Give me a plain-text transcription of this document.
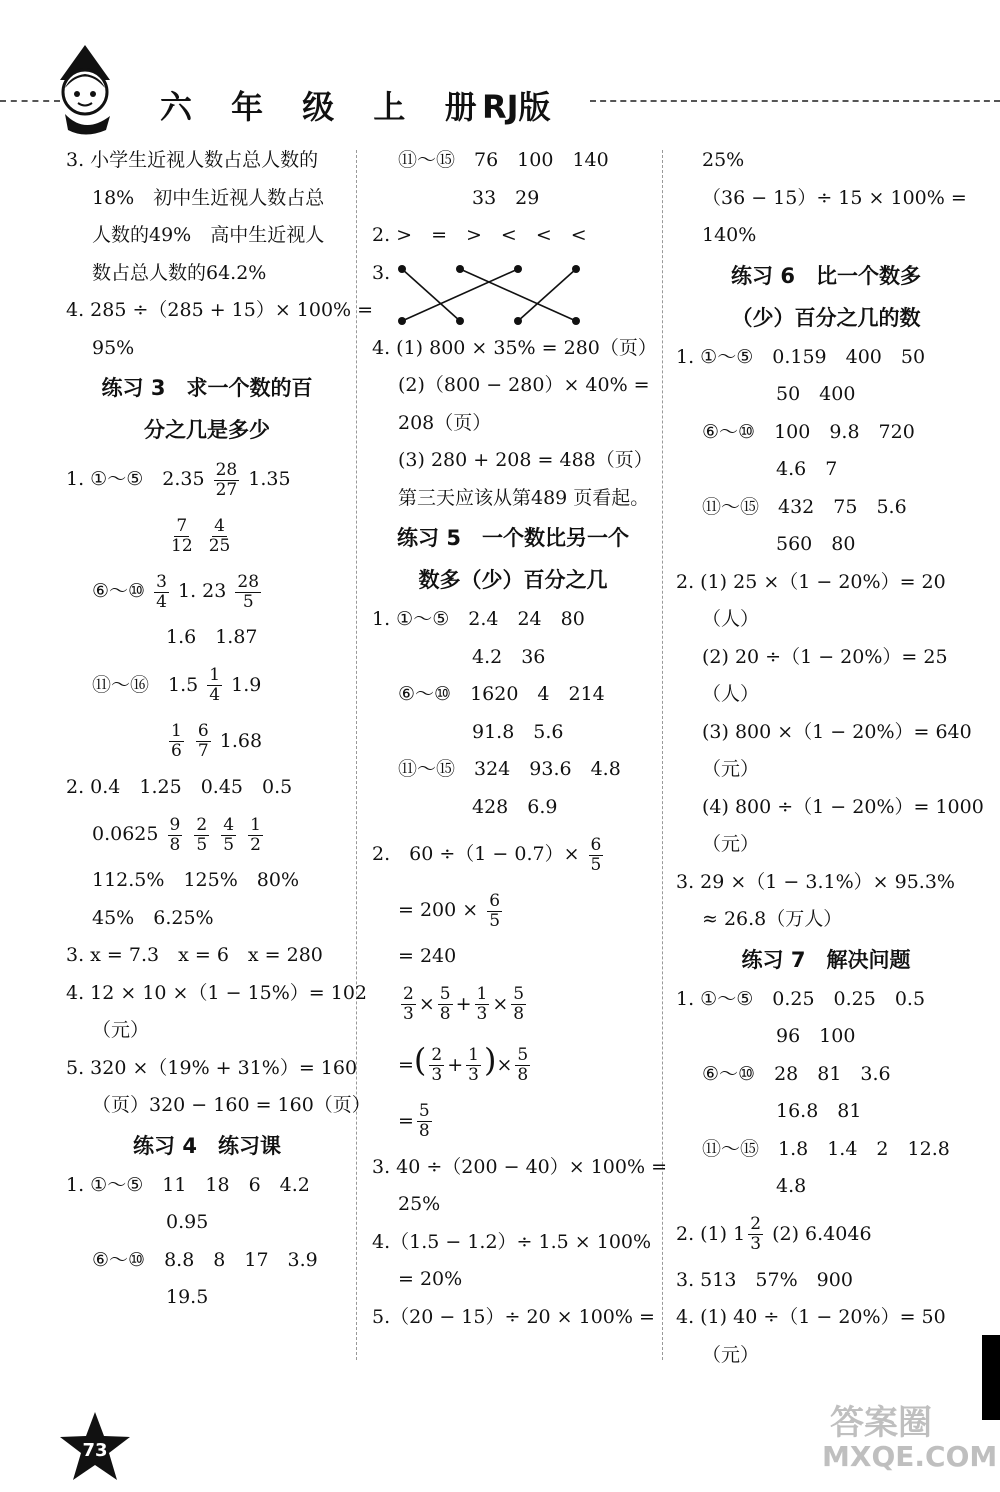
六 年 级 上 册
RJ版
3. 小学生近视人数占总人数的
18%　初中生近视人数占总
人数的49%　高中生近视人
数占总人数的64.2%
4. 285 ÷（285 + 15）× 100% =
95%
练习 3　求一个数的百
分之几是多少
1. ①～⑤　$2.35 \frac{28}{27} 1.35$
$\frac{7}{12}$
$\frac{4}{25}$
⑥～⑩ $\frac{3}{4} 1$. $23 \frac{28}{5}$
1.6　1.87
⑪～⑯　$1.5 \frac{1}{4} 1.9$
$\frac{1}{6}$
$\frac{6}{7} 1.68$
2. 0.4　1.25　0.45　0.5
$0.0625 \frac{9}{8}$
$\frac{2}{5}$
$\frac{4}{5}$
$\frac{1}{2}$
112.5%　125%　80%
45%　6.25%
3. x = 7.3　x = 6　x = 280
4. 12 × 10 ×（1 − 15%）= 102
（元）
5. 320 ×（19% + 31%）= 160
（页）320 − 160 = 160（页）
练习 4　练习课
1. ①～⑤　11　18　6　4.2
0.95
⑥～⑩　8.8　8　17　3.9
19.5
⑪～⑮　76　100　140
33　29
2. >　=　>　<　<　<
3.
4. (1) 800 × 35% = 280（页）
(2)（800 − 280）× 40% =
208（页）
(3) 280 + 208 = 488（页）
第三天应该从第489 页看起。
练习 5　一个数比另一个
数多（少）百分之几
1. ①～⑤　2.4　24　80
4.2　36
⑥～⑩　1620　4　214
91.8　5.6
⑪～⑮　324　93.6　4.8
428　6.9
2.　$60 \div(1 - 0.7)\times \frac{6}{5}$
= $200 \times \frac{6}{5}$
= 240
$\frac{2}{3} \times \frac{5}{8} + \frac{1}{3} \times \frac{5}{8}$
=( $\frac{2}{3} + \frac{1}{3}$ )× $\frac{5}{8}$
= $\frac{5}{8}$
3. 40 ÷（200 − 40）× 100% =
25%
4.（1.5 − 1.2）÷ 1.5 × 100%
= 20%
5.（20 − 15）÷ 20 × 100% =
25%
（36 − 15）÷ 15 × 100% =
140%
练习 6　比一个数多
（少）百分之几的数
1. ①～⑤　0.159　400　50
50　400
⑥～⑩　100　9.8　720
4.6　7
⑪～⑮　432　75　5.6
560　80
2. (1) 25 ×（1 − 20%）= 20
（人）
(2) 20 ÷（1 − 20%）= 25
（人）
(3) 800 ×（1 − 20%）= 640
（元）
(4) 800 ÷（1 − 20%）= 1000
（元）
3. 29 ×（1 − 3.1%）× 95.3%
≈ 26.8（万人）
练习 7　解决问题
1. ①～⑤　0.25　0.25　0.5
96　100
⑥～⑩　28　81　3.6
16.8　81
⑪～⑮　1.8　1.4　2　12.8
4.8
2. (1) $1 \frac{2}{3} (2)$ 6.4046
3. 513　57%　900
4. (1) 40 ÷（1 − 20%）= 50
（元）
73
答案圈
MXQE.COM
